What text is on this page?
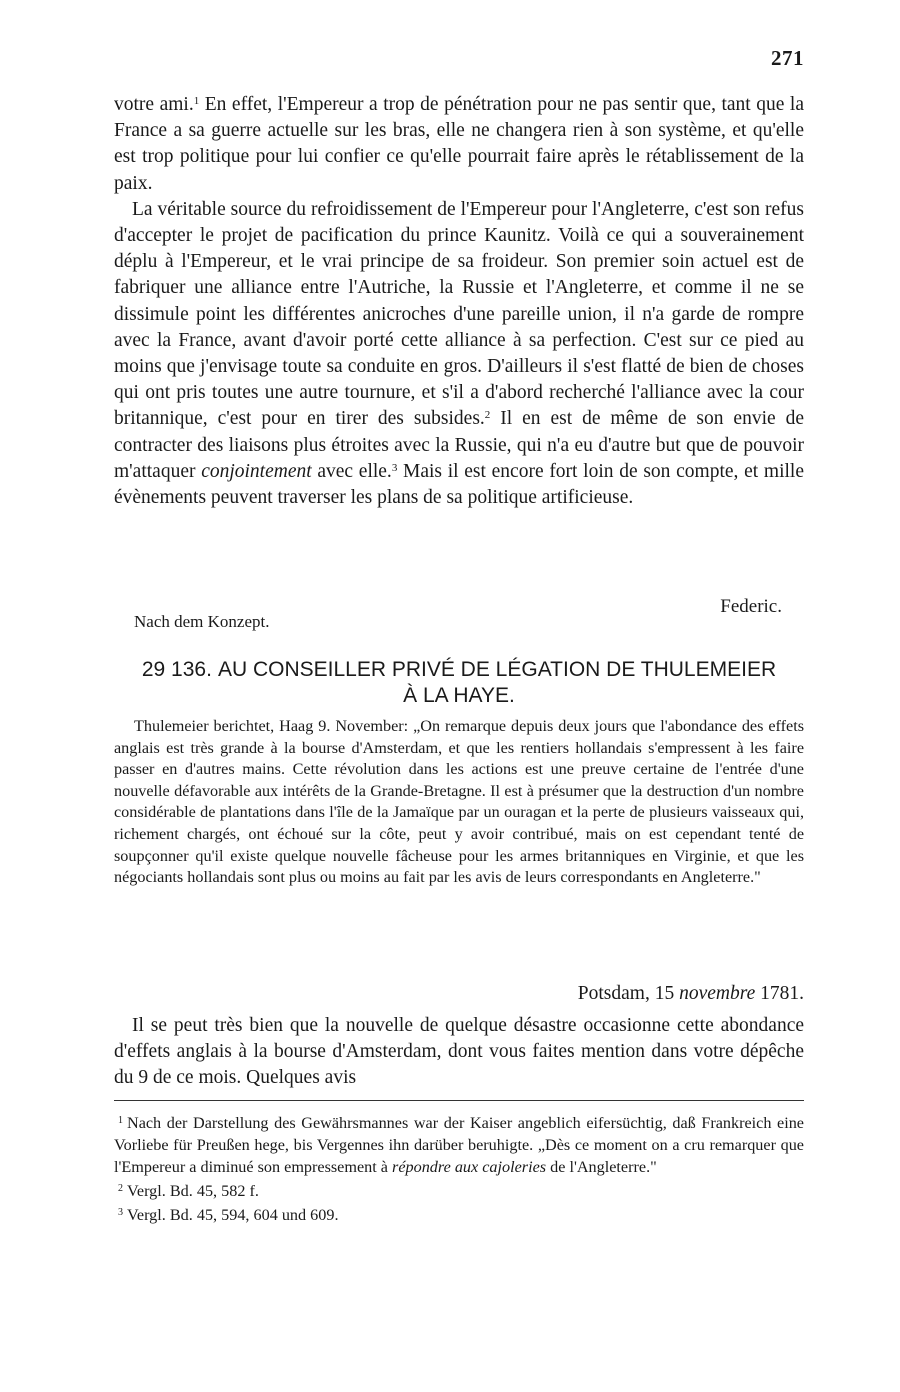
271

votre ami.$^1$ En effet, l'Empereur a trop de pénétration pour ne pas sentir que, tant que la France a sa guerre actuelle sur les bras, elle ne changera rien à son système, et qu'elle est trop politique pour lui confier ce qu'elle pourrait faire après le rétablissement de la paix.

La véritable source du refroidissement de l'Empereur pour l'Angleterre, c'est son refus d'accepter le projet de pacification du prince Kaunitz. Voilà ce qui a souverainement déplu à l'Empereur, et le vrai principe de sa froideur. Son premier soin actuel est de fabriquer une alliance entre l'Autriche, la Russie et l'Angleterre, et comme il ne se dissimule point les différentes anicroches d'une pareille union, il n'a garde de rompre avec la France, avant d'avoir porté cette alliance à sa perfection. C'est sur ce pied au moins que j'envisage toute sa conduite en gros. D'ailleurs il s'est flatté de bien de choses qui ont pris toutes une autre tournure, et s'il a d'abord recherché l'alliance avec la cour britannique, c'est pour en tirer des subsides.$^2$ Il en est de même de son envie de contracter des liaisons plus étroites avec la Russie, qui n'a eu d'autre but que de pouvoir m'attaquer conjointement avec elle.$^3$ Mais il est encore fort loin de son compte, et mille évènements peuvent traverser les plans de sa politique artificieuse.

Nach dem Konzept.
Federic.
29 136. AU CONSEILLER PRIVÉ DE LÉGATION DE THULEMEIER
À LA HAYE.

Thulemeier berichtet, Haag 9. November: „On remarque depuis deux jours que l'abondance des effets anglais est très grande à la bourse d'Amsterdam, et que les rentiers hollandais s'empressent à les faire passer en d'autres mains. Cette révolution dans les actions est une preuve certaine de l'entrée d'une nouvelle défavorable aux intérêts de la Grande-Bretagne. Il est à présumer que la destruction d'un nombre considérable de plantations dans l'île de la Jamaïque par un ouragan et la perte de plusieurs vaisseaux qui, richement chargés, ont échoué sur la côte, peut y avoir contribué, mais on est cependant tenté de soupçonner qu'il existe quelque nouvelle fâcheuse pour les armes britanniques en Virginie, et que les négociants hollandais sont plus ou moins au fait par les avis de leurs correspondants en Angleterre."

Potsdam, 15 novembre 1781.

Il se peut très bien que la nouvelle de quelque désastre occasionne cette abondance d'effets anglais à la bourse d'Amsterdam, dont vous faites mention dans votre dépêche du 9 de ce mois. Quelques avis

$^1$ Nach der Darstellung des Gewährsmannes war der Kaiser angeblich eifersüchtig, daß Frankreich eine Vorliebe für Preußen hege, bis Vergennes ihn darüber beruhigte. „Dès ce moment on a cru remarquer que l'Empereur a diminué son empressement à répondre aux cajoleries de l'Angleterre."

$^2$ Vergl. Bd. 45, 582 f.

$^3$ Vergl. Bd. 45, 594, 604 und 609.
